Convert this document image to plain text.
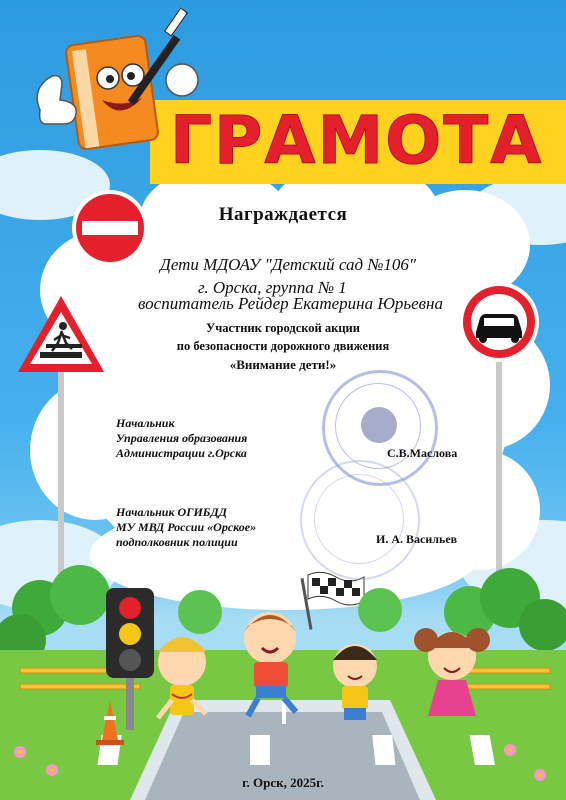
ГРАМОТА
Награждается
Дети МДОАУ "Детский сад №106"
г. Орска, группа № 1
воспитатель Рейдер Екатерина Юрьевна
Участник городской акции
по безопасности дорожного движения
«Внимание дети!»
Начальник
Управления образования
Администрации г.Орска	С.В.Маслова
Начальник ОГИБДД
МУ МВД России «Орское»
подполковник полиции	И. А. Васильев
г. Орск, 2025г.
